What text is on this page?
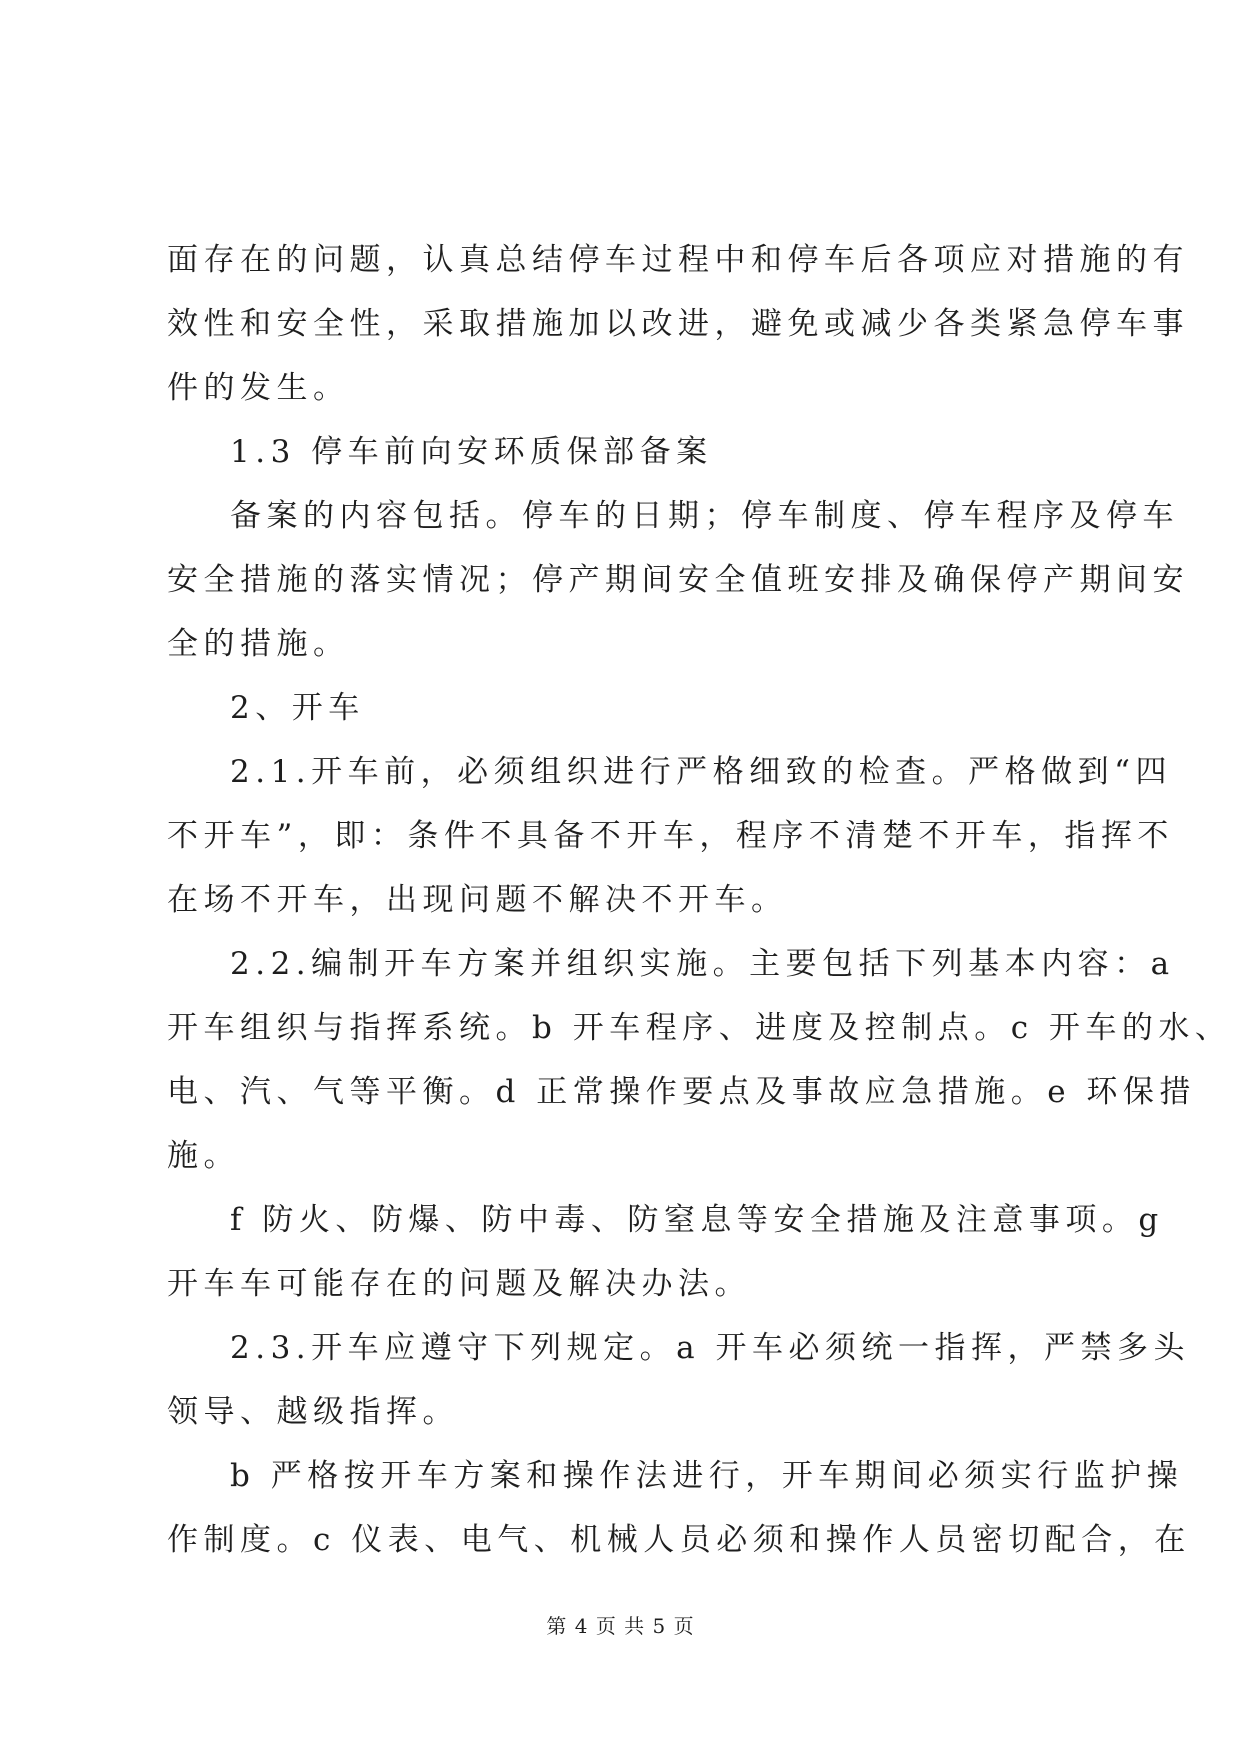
面存在的问题，认真总结停车过程中和停车后各项应对措施的有
效性和安全性，采取措施加以改进，避免或减少各类紧急停车事
件的发生。
1.3 停车前向安环质保部备案
备案的内容包括。停车的日期；停车制度、停车程序及停车
安全措施的落实情况；停产期间安全值班安排及确保停产期间安
全的措施。
2、开车
2.1.开车前，必须组织进行严格细致的检查。严格做到“四
不开车”，即：条件不具备不开车，程序不清楚不开车，指挥不
在场不开车，出现问题不解决不开车。
2.2.编制开车方案并组织实施。主要包括下列基本内容：a
开车组织与指挥系统。b 开车程序、进度及控制点。c 开车的水、
电、汽、气等平衡。d 正常操作要点及事故应急措施。e 环保措
施。
f 防火、防爆、防中毒、防窒息等安全措施及注意事项。g
开车车可能存在的问题及解决办法。
2.3.开车应遵守下列规定。a 开车必须统一指挥，严禁多头
领导、越级指挥。
b 严格按开车方案和操作法进行，开车期间必须实行监护操
作制度。c 仪表、电气、机械人员必须和操作人员密切配合，在
第 4 页 共 5 页
